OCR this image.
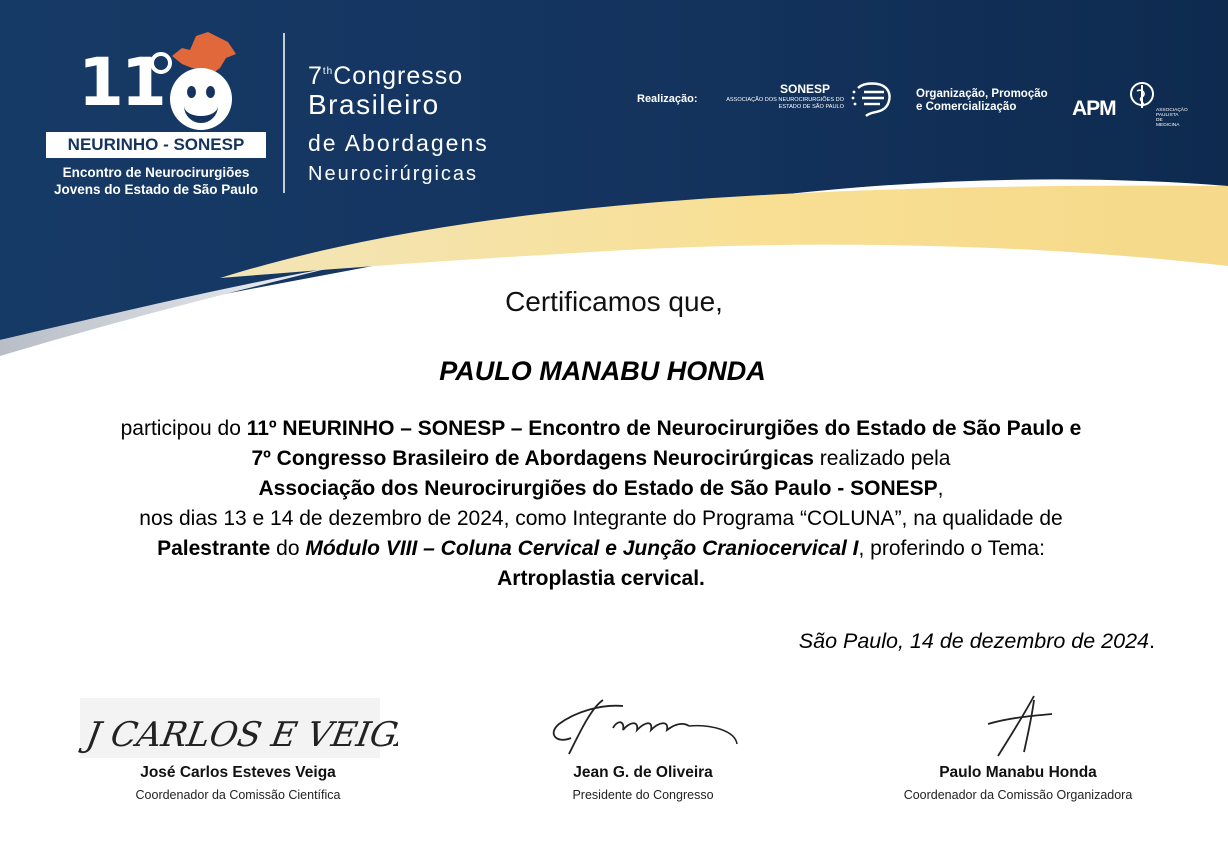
11
NEURINHO - SONESP
Encontro de Neurocirurgiões
Jovens do Estado de São Paulo
7thCongresso
Brasileiro
de Abordagens
Neurocirúrgicas
Realização:
SONESP
ASSOCIAÇÃO DOS NEUROCIRURGIÕES DO ESTADO DE SÃO PAULO
Organização, Promoção
e Comercialização	APM	ASSOCIAÇÃO PAULISTA DE MEDICINA
Certificamos que,
PAULO MANABU HONDA
participou do 11º NEURINHO – SONESP – Encontro de Neurocirurgiões do Estado de São Paulo e
7º Congresso Brasileiro de Abordagens Neurocirúrgicas realizado pela
Associação dos Neurocirurgiões do Estado de São Paulo - SONESP,
nos dias 13 e 14 de dezembro de 2024, como Integrante do Programa “COLUNA”, na qualidade de
Palestrante do Módulo VIII – Coluna Cervical e Junção Craniocervical I, proferindo o Tema:
Artroplastia cervical.
São Paulo, 14 de dezembro de 2024.
J CARLOS E VEIGA
José Carlos Esteves Veiga
Coordenador da Comissão Científica
Jean G. de Oliveira
Presidente do Congresso
Paulo Manabu Honda
Coordenador da Comissão Organizadora
